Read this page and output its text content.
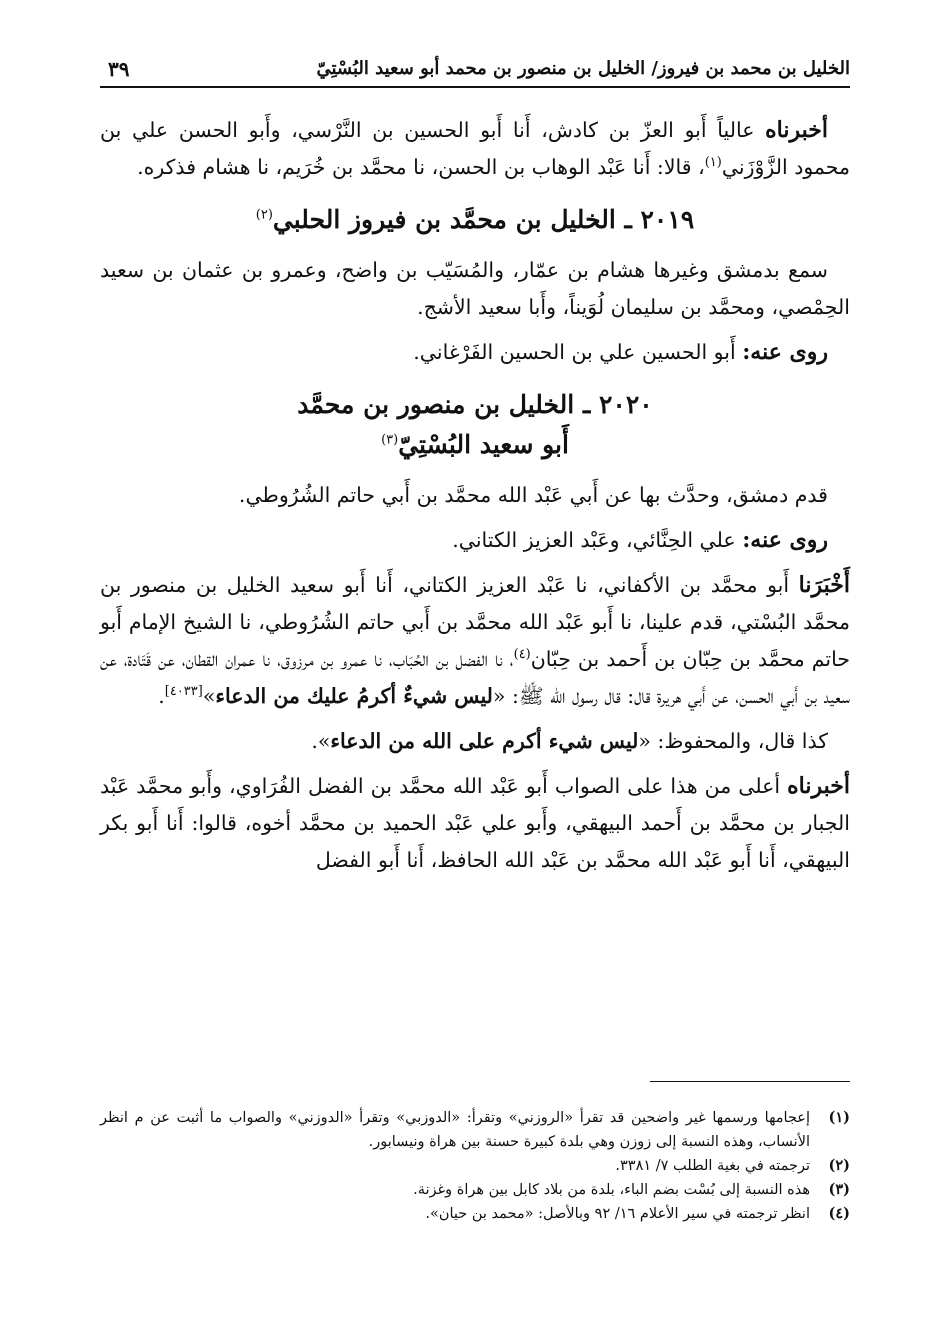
الخليل بن محمد بن فيروز/ الخليل بن منصور بن محمد أبو سعيد البُسْتِيّ
٣٩

أخبرناه عالياً أَبو العزّ بن كادش، أَنا أَبو الحسين بن النَّرْسي، وأَبو الحسن علي بن محمود الزَّوْزَني$^{(١)}$، قالا: أَنا عَبْد الوهاب بن الحسن، نا محمَّد بن خُرَيم، نا هشام فذكره.

٢٠١٩ ـ الخليل بن محمَّد بن فيروز الحلبي$^{(٢)}$

سمع بدمشق وغيرها هشام بن عمّار، والمُسَيّب بن واضح، وعمرو بن عثمان بن سعيد الحِمْصي، ومحمَّد بن سليمان لُوَيناً، وأَبا سعيد الأشج.

روى عنه: أَبو الحسين علي بن الحسين الفَرْغاني.

٢٠٢٠ ـ الخليل بن منصور بن محمَّد
أَبو سعيد البُسْتِيّ$^{(٣)}$

قدم دمشق، وحدَّث بها عن أَبي عَبْد الله محمَّد بن أَبي حاتم الشُرُوطي.

روى عنه: علي الحِنَّائي، وعَبْد العزيز الكتاني.

أَخْبَرَنا أَبو محمَّد بن الأكفاني، نا عَبْد العزيز الكتاني، أَنا أَبو سعيد الخليل بن منصور بن محمَّد البُسْتي، قدم علينا، نا أَبو عَبْد الله محمَّد بن أَبي حاتم الشُرُوطي، نا الشيخ الإمام أَبو حاتم محمَّد بن حِبّان بن أَحمد بن حِبّان$^{(٤)}$، نا الفضل بن الحُبَاب، نا عمرو بن مرزوق، نا عمران القطان، عن قَتَادة، عن سعيد بن أَبي الحسن، عن أَبي هريرة قال: قال رسول الله ﷺ: «ليس شيءٌ أكرمُ عليك من الدعاء»[٤٠٣٣].

كذا قال، والمحفوظ: «ليس شيء أكرم على الله من الدعاء».

أخبرناه أعلى من هذا على الصواب أَبو عَبْد الله محمَّد بن الفضل الفُرَاوي، وأَبو محمَّد عَبْد الجبار بن محمَّد بن أَحمد البيهقي، وأَبو علي عَبْد الحميد بن محمَّد أخوه، قالوا: أَنا أَبو بكر البيهقي، أَنا أَبو عَبْد الله محمَّد بن عَبْد الله الحافظ، أَنا أَبو الفضل

(١)
إعجامها ورسمها غير واضحين قد تقرأ «الروزني» وتقرأ: «الدوزبي» وتقرأ «الدوزني» والصواب ما أثبت عن م انظر الأنساب، وهذه النسبة إلى زوزن وهي بلدة كبيرة حسنة بين هراة ونيسابور.
(٢)
ترجمته في بغية الطلب ٧/ ٣٣٨١.
(٣)
هذه النسبة إلى بُسْت بضم الباء، بلدة من بلاد كابل بين هراة وغزنة.
(٤)
انظر ترجمته في سير الأعلام ١٦/ ٩٢ وبالأصل: «محمد بن حيان».
